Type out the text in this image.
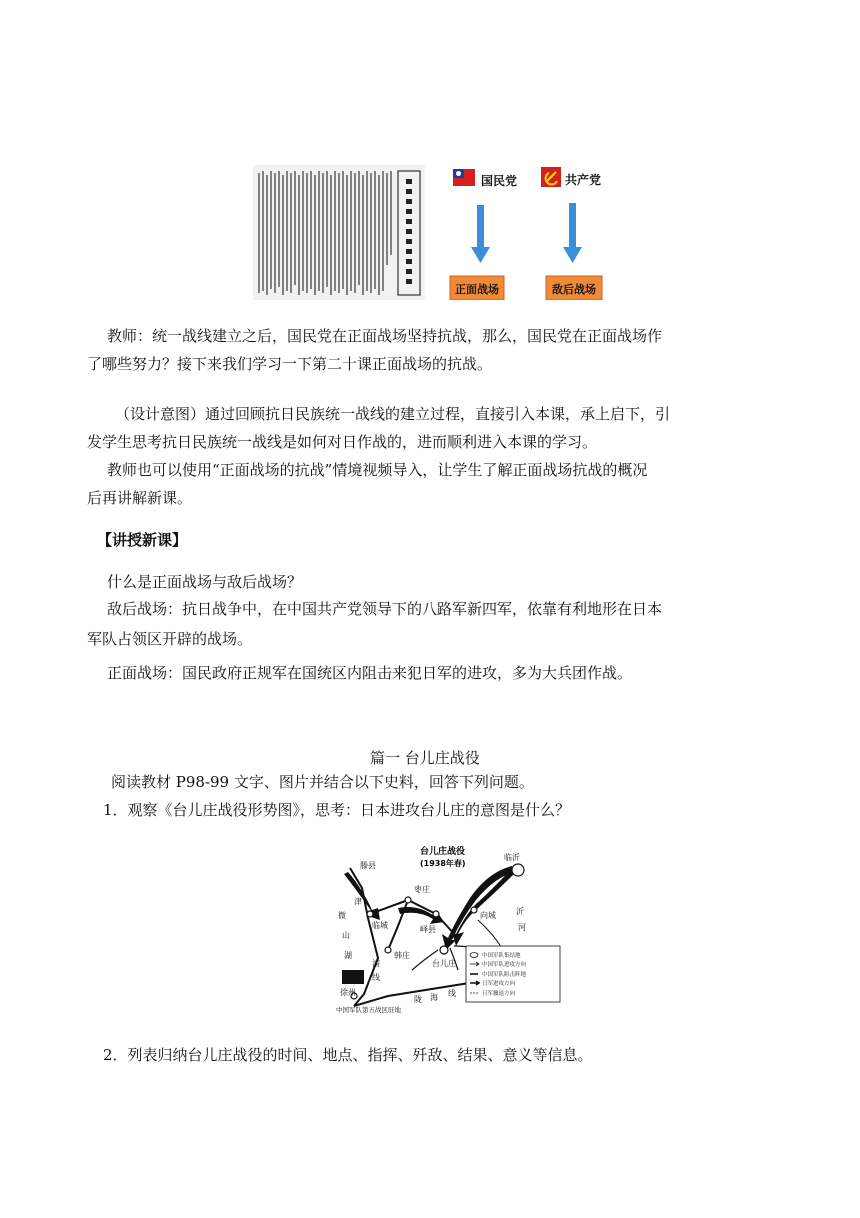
国民党	共产党
正面战场	敌后战场
教师：统一战线建立之后，国民党在正面战场坚持抗战，那么，国民党在正面战场作
了哪些努力？接下来我们学习一下第二十课正面战场的抗战。
（设计意图）通过回顾抗日民族统一战线的建立过程，直接引入本课，承上启下，引
发学生思考抗日民族统一战线是如何对日作战的，进而顺利进入本课的学习。
教师也可以使用“正面战场的抗战”情境视频导入，让学生了解正面战场抗战的概况
后再讲解新课。
【讲授新课】
什么是正面战场与敌后战场？
敌后战场：抗日战争中，在中国共产党领导下的八路军新四军，依靠有利地形在日本
军队占领区开辟的战场。
正面战场：国民政府正规军在国统区内阻击来犯日军的进攻，多为大兵团作战。
篇一 台儿庄战役
阅读教材 P98-99 文字、图片并结合以下史料，回答下列问题。
1．观察《台儿庄战役形势图》，思考：日本进攻台儿庄的意图是什么？
台儿庄战役
(1938年春)
临沂
滕县
枣庄
临城	峄县
向城
韩庄
台儿庄
徐州
沂
河
津
浦
线
微
山
湖
陇 海 线
中国军队第五战区驻地
中国军队集结地
中国军队进攻方向
中国军队阻击阵地
日军进攻方向
日军撤退方向
2．列表归纳台儿庄战役的时间、地点、指挥、歼敌、结果、意义等信息。
